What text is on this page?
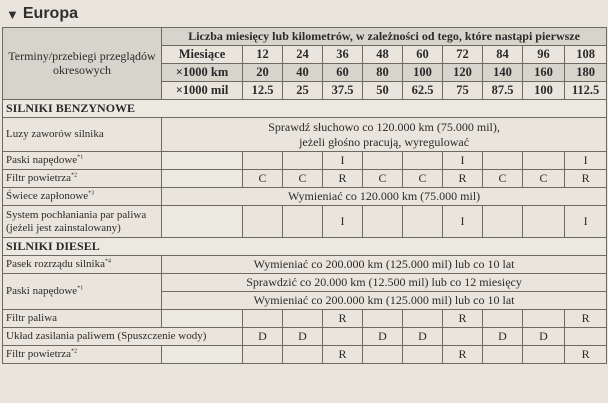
▼ Europa
Terminy/przebiegi przeglądów okresowych	Liczba miesięcy lub kilometrów, w zależności od tego, które nastąpi pierwsze									
	Miesiące	12	24	36	48	60	72	84	96	108
	×1000 km	20	40	60	80	100	120	140	160	180
	×1000 mil	12.5	25	37.5	50	62.5	75	87.5	100	112.5
SILNIKI BENZYNOWE										
Luzy zaworów silnika	Sprawdź słuchowo co 120.000 km (75.000 mil),
jeżeli głośno pracują, wyregulować									
Paski napędowe$^{*1}$				I			I			I
Filtr powietrza$^{*2}$		C	C	R	C	C	R	C	C	R
Świece zapłonowe$^{*3}$	Wymieniać co 120.000 km (75.000 mil)									
System pochłaniania par paliwa
(jeżeli jest zainstalowany)				I			I			I
SILNIKI DIESEL										
Pasek rozrządu silnika$^{*4}$	Wymieniać co 200.000 km (125.000 mil) lub co 10 lat									
Paski napędowe$^{*1}$	Sprawdzić co 20.000 km (12.500 mil) lub co 12 miesięcy									
	Wymieniać co 200.000 km (125.000 mil) lub co 10 lat									
Filtr paliwa				R			R			R
Układ zasilania paliwem (Spuszczenie wody)		D	D		D	D		D	D	
Filtr powietrza$^{*2}$				R			R			R
